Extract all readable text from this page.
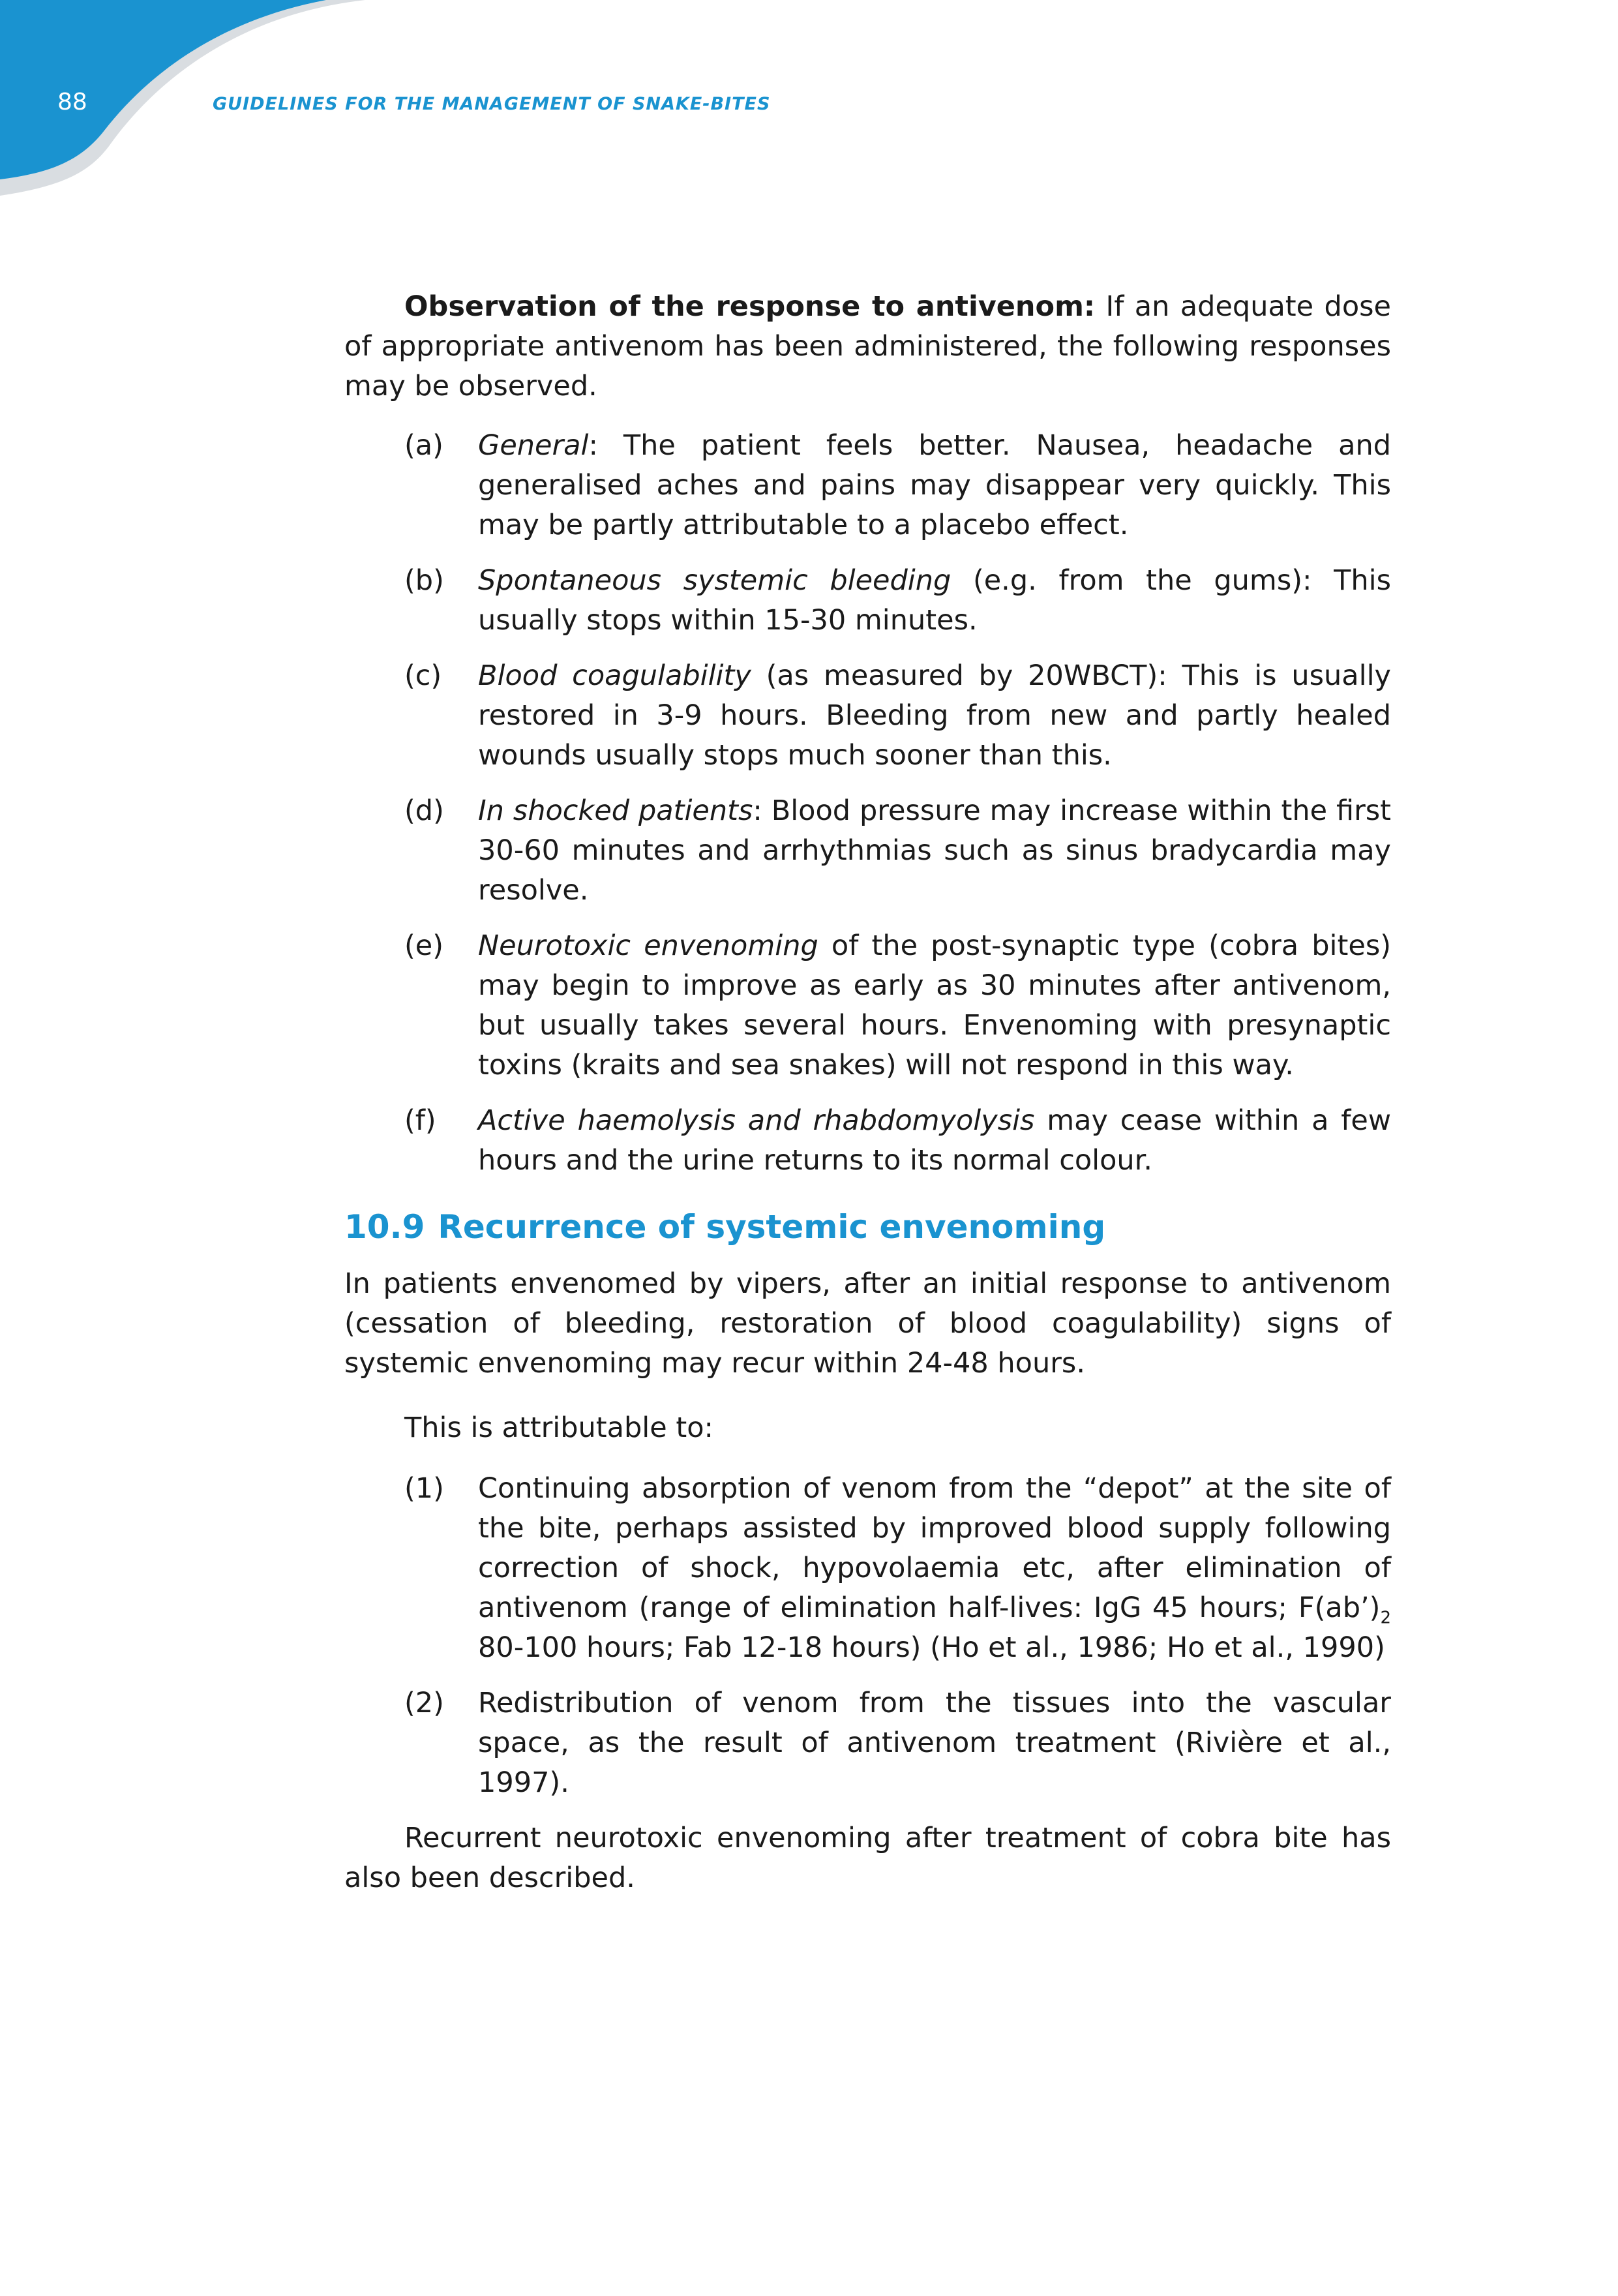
88	GUIDELINES FOR THE MANAGEMENT OF SNAKE-BITES

Observation of the response to antivenom: If an adequate dose of appropriate antivenom has been administered, the following responses may be observed.

(a)	General: The patient feels better. Nausea, headache and generalised aches and pains may disappear very quickly. This may be partly attributable to a placebo effect.
(b)	Spontaneous systemic bleeding (e.g. from the gums): This usually stops within 15-30 minutes.
(c)	Blood coagulability (as measured by 20WBCT): This is usually restored in 3-9 hours. Bleeding from new and partly healed wounds usually stops much sooner than this.
(d)	In shocked patients: Blood pressure may increase within the first 30-60 minutes and arrhythmias such as sinus bradycardia may resolve.
(e)	Neurotoxic envenoming of the post-synaptic type (cobra bites) may begin to improve as early as 30 minutes after antivenom, but usually takes several hours. Envenoming with presynaptic toxins (kraits and sea snakes) will not respond in this way.
(f)	Active haemolysis and rhabdomyolysis may cease within a few hours and the urine returns to its normal colour.
10.9 Recurrence of systemic envenoming

In patients envenomed by vipers, after an initial response to antivenom (cessation of bleeding, restoration of blood coagulability) signs of systemic envenoming may recur within 24-48 hours.

This is attributable to:

(1)	Continuing absorption of venom from the “depot” at the site of the bite, perhaps assisted by improved blood supply following correction of shock, hypovolaemia etc, after elimination of antivenom (range of elimination half-lives: IgG 45 hours; $F(ab’)_2$ 80-100 hours; Fab 12-18 hours) (Ho et al., 1986; Ho et al., 1990)
(2)	Redistribution of venom from the tissues into the vascular space, as the result of antivenom treatment (Rivière et al., 1997).

Recurrent neurotoxic envenoming after treatment of cobra bite has also been described.
